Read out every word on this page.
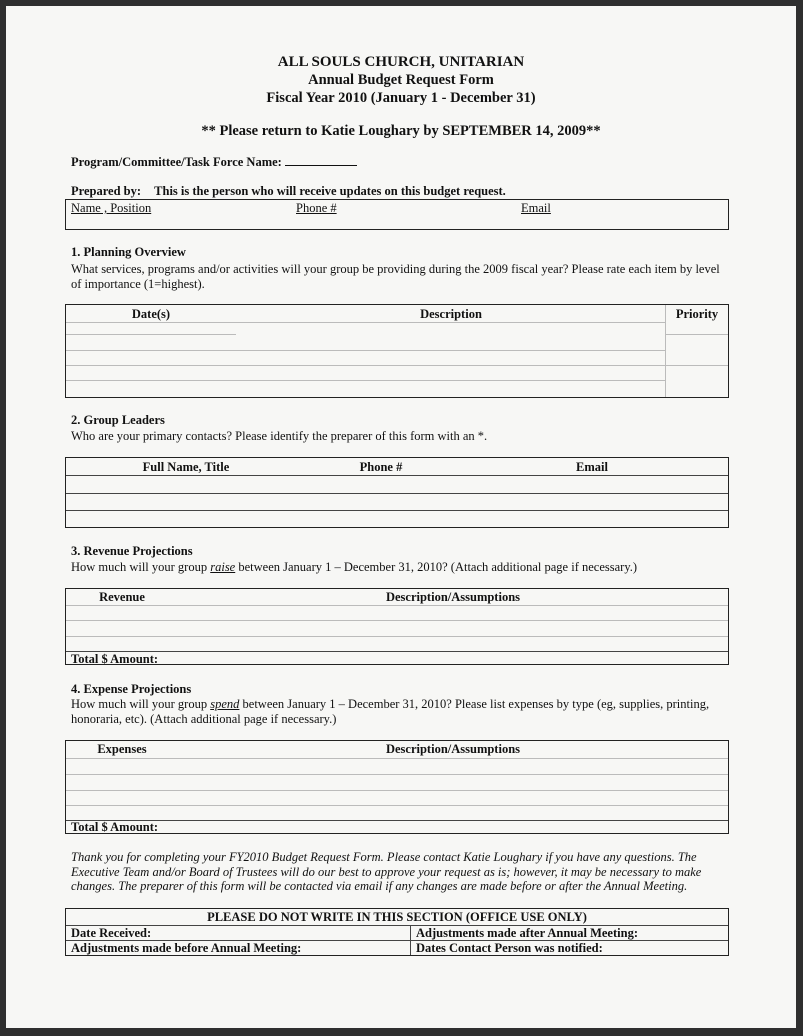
ALL SOULS CHURCH, UNITARIAN
Annual Budget Request Form
Fiscal Year 2010 (January 1 - December 31)
** Please return to Katie Loughary by SEPTEMBER 14, 2009**
Program/Committee/Task Force Name:
Prepared by: This is the person who will receive updates on this budget request.
Name , Position	Phone #	Email
1. Planning Overview
What services, programs and/or activities will your group be providing during the 2009 fiscal year? Please rate each item by level of importance (1=highest).
Date(s)	Description	Priority
2. Group Leaders
Who are your primary contacts? Please identify the preparer of this form with an *.
Full Name, Title	Phone #	Email
3. Revenue Projections
How much will your group raise between January 1 – December 31, 2010? (Attach additional page if necessary.)
Revenue	Description/Assumptions
Total $ Amount:
4. Expense Projections
How much will your group spend between January 1 – December 31, 2010? Please list expenses by type (eg, supplies, printing, honoraria, etc). (Attach additional page if necessary.)
Expenses	Description/Assumptions
Total $ Amount:
Thank you for completing your FY2010 Budget Request Form. Please contact Katie Loughary if you have any questions. The Executive Team and/or Board of Trustees will do our best to approve your request as is; however, it may be necessary to make changes. The preparer of this form will be contacted via email if any changes are made before or after the Annual Meeting.
PLEASE DO NOT WRITE IN THIS SECTION (OFFICE USE ONLY)
Date Received:	Adjustments made after Annual Meeting:
Adjustments made before Annual Meeting:	Dates Contact Person was notified:
